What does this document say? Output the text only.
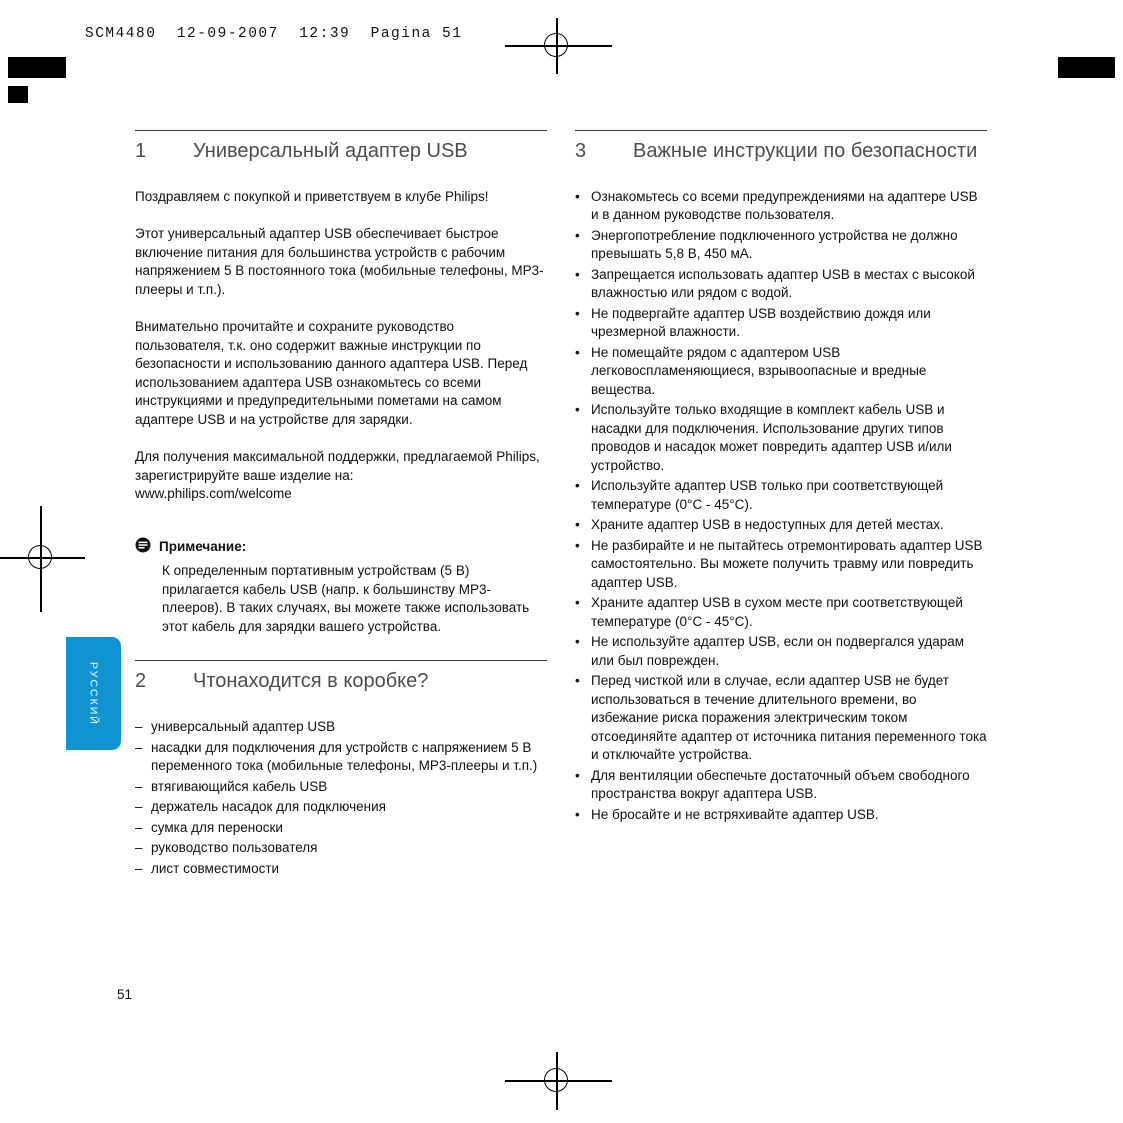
SCM4480  12-09-2007  12:39  Pagina 51
1	Универсальный адаптер USB

Поздравляем с покупкой и приветствуем в клубе Philips!

Этот универсальный адаптер USB обеспечивает быстрое включение питания для большинства устройств с рабочим напряжением 5 В постоянного тока (мобильные телефоны, MP3-плееры и т.п.).

Внимательно прочитайте и сохраните руководство пользователя, т.к. оно содержит важные инструкции по безопасности и использованию данного адаптера USB. Перед использованием адаптера USB ознакомьтесь со всеми инструкциями и предупредительными пометами на самом адаптере USB и на устройстве для зарядки.

Для получения максимальной поддержки, предлагаемой Philips, зарегистрируйте ваше изделие на:
www.philips.com/welcome

Примечание:
К определенным портативным устройствам (5 В) прилагается кабель USB (напр. к большинству MP3-плееров). В таких случаях, вы можете также использовать этот кабель для зарядки вашего устройства.
2	Чтонаходится в коробке?
– универсальный адаптер USB
– насадки для подключения для устройств с напряжением 5 В переменного тока (мобильные телефоны, MP3-плееры и т.п.)
– втягивающийся кабель USB
– держатель насадок для подключения
– сумка для переноски
– руководство пользователя
– лист совместимости
3	Важные инструкции по безопасности
• Ознакомьтесь со всеми предупреждениями на адаптере USB и в данном руководстве пользователя.
• Энергопотребление подключенного устройства не должно превышать 5,8 В, 450 мА.
• Запрещается использовать адаптер USB в местах с высокой влажностью или рядом с водой.
• Не подвергайте адаптер USB воздействию дождя или чрезмерной влажности.
• Не помещайте рядом с адаптером USB легковоспламеняющиеся, взрывоопасные и вредные вещества.
• Используйте только входящие в комплект кабель USB и насадки для подключения. Использование других типов проводов и насадок может повредить адаптер USB и/или устройство.
• Используйте адаптер USB только при соответствующей температуре (0°C - 45°C).
• Храните адаптер USB в недоступных для детей местах.
• Не разбирайте и не пытайтесь отремонтировать адаптер USB самостоятельно. Вы можете получить травму или повредить адаптер USB.
• Храните адаптер USB в сухом месте при соответствующей температуре (0°C - 45°C).
• Не используйте адаптер USB, если он подвергался ударам или был поврежден.
• Перед чисткой или в случае, если адаптер USB не будет использоваться в течение длительного времени, во избежание риска поражения электрическим током отсоединяйте адаптер от источника питания переменного тока и отключайте устройства.
• Для вентиляции обеспечьте достаточный объем свободного пространства вокруг адаптера USB.
• Не бросайте и не встряхивайте адаптер USB.
РУССКИЙ
51
